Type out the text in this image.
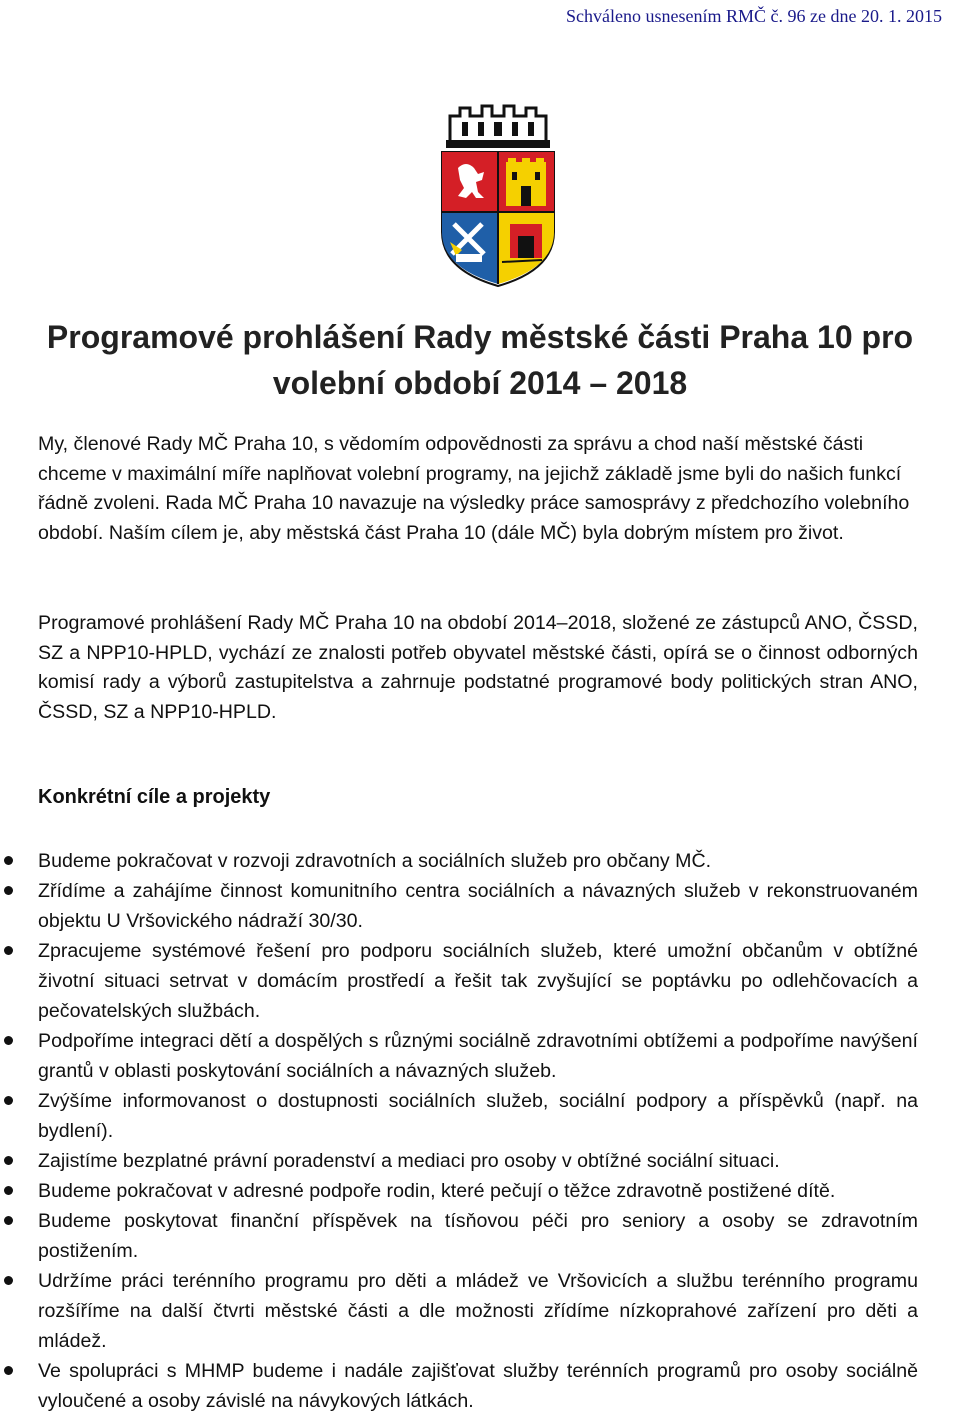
Schváleno usnesením RMČ č. 96 ze dne 20. 1. 2015
Programové prohlášení Rady městské části Praha 10 pro
volební období 2014 – 2018

My, členové Rady MČ Praha 10, s vědomím odpovědnosti za správu a chod naší městské části chceme v maximální míře naplňovat volební programy, na jejichž základě jsme byli do našich funkcí řádně zvoleni. Rada MČ Praha 10 navazuje na výsledky práce samosprávy z předchozího volebního období. Naším cílem je, aby městská část Praha 10 (dále MČ) byla dobrým místem pro život.

Programové prohlášení Rady MČ Praha 10 na období 2014–2018, složené ze zástupců ANO, ČSSD, SZ a NPP10-HPLD, vychází ze znalosti potřeb obyvatel městské části, opírá se o činnost odborných komisí rady a výborů zastupitelstva a zahrnuje podstatné programové body politických stran ANO, ČSSD, SZ a NPP10-HPLD.

Konkrétní cíle a projekty
Budeme pokračovat v rozvoji zdravotních a sociálních služeb pro občany MČ.
Zřídíme a zahájíme činnost komunitního centra sociálních a návazných služeb v rekonstruovaném objektu U Vršovického nádraží 30/30.
Zpracujeme systémové řešení pro podporu sociálních služeb, které umožní občanům v obtížné životní situaci setrvat v domácím prostředí a řešit tak zvyšující se poptávku po odlehčovacích a pečovatelských službách.
Podpoříme integraci dětí a dospělých s různými sociálně zdravotními obtížemi a podpoříme navýšení grantů v oblasti poskytování sociálních a návazných služeb.
Zvýšíme informovanost o dostupnosti sociálních služeb, sociální podpory a příspěvků (např. na bydlení).
Zajistíme bezplatné právní poradenství a mediaci pro osoby v obtížné sociální situaci.
Budeme pokračovat v adresné podpoře rodin, které pečují o těžce zdravotně postižené dítě.
Budeme poskytovat finanční příspěvek na tísňovou péči pro seniory a osoby se zdravotním postižením.
Udržíme práci terénního programu pro děti a mládež ve Vršovicích a službu terénního programu rozšíříme na další čtvrti městské části a dle možnosti zřídíme nízkoprahové zařízení pro děti a mládež.
Ve spolupráci s MHMP budeme i nadále zajišťovat služby terénních programů pro osoby sociálně vyloučené a osoby závislé na návykových látkách.
